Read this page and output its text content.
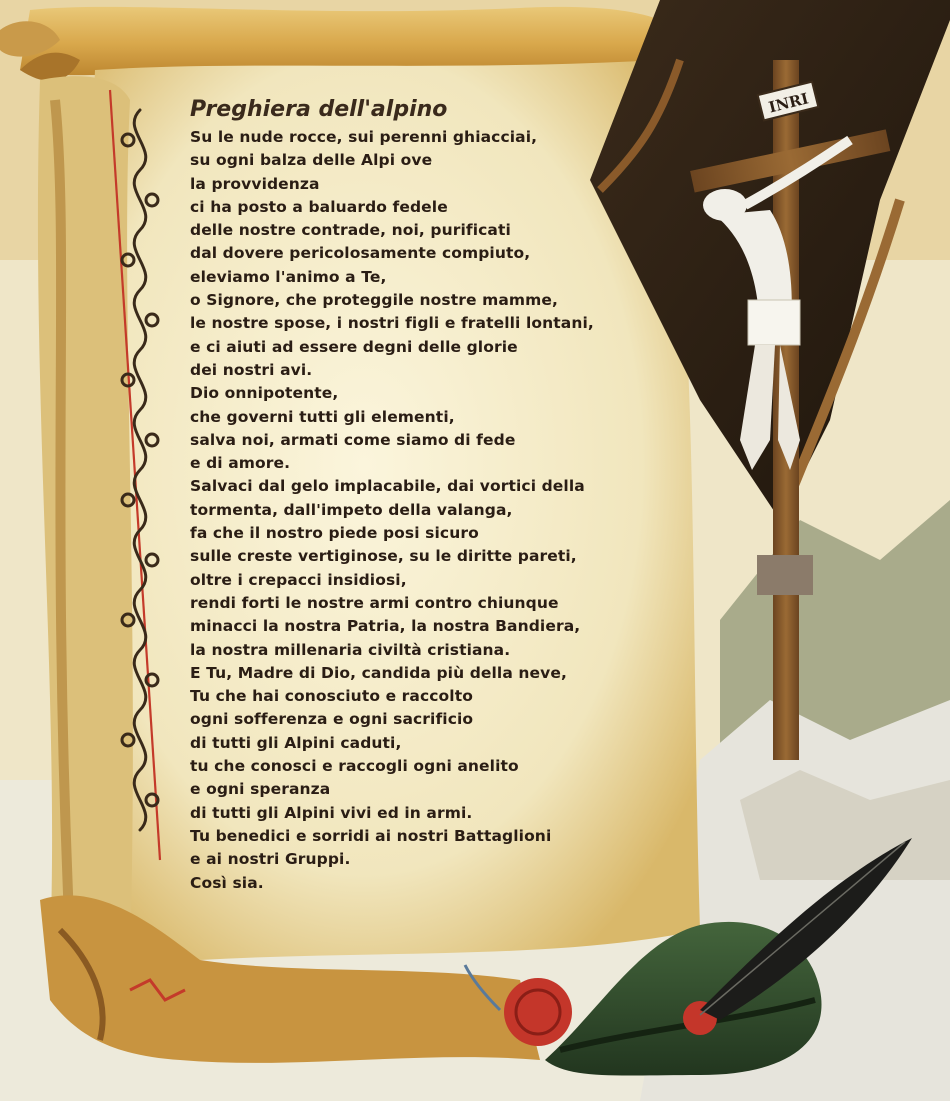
INRI
Preghiera dell'alpino
Su le nude rocce, sui perenni ghiacciai,
su ogni balza delle Alpi ove
la provvidenza
ci ha posto a baluardo fedele
delle nostre contrade, noi, purificati
dal dovere pericolosamente compiuto,
eleviamo l'animo a Te,
o Signore, che proteggile nostre mamme,
le nostre spose, i nostri figli e fratelli lontani,
e ci aiuti ad essere degni delle glorie
dei nostri avi.
Dio onnipotente,
che governi tutti gli elementi,
salva noi, armati come siamo di fede
e di amore.
Salvaci dal gelo implacabile, dai vortici della
tormenta, dall'impeto della valanga,
fa che il nostro piede posi sicuro
sulle creste vertiginose, su le diritte pareti,
oltre i crepacci insidiosi,
rendi forti le nostre armi contro chiunque
minacci la nostra Patria, la nostra Bandiera,
la nostra millenaria civiltà cristiana.
E Tu, Madre di Dio, candida più della neve,
Tu che hai conosciuto e raccolto
ogni sofferenza e ogni sacrificio
di tutti gli Alpini caduti,
tu che conosci e raccogli ogni anelito
e ogni speranza
di tutti gli Alpini vivi ed in armi.
Tu benedici e sorridi ai nostri Battaglioni
e ai nostri Gruppi.
Così sia.
